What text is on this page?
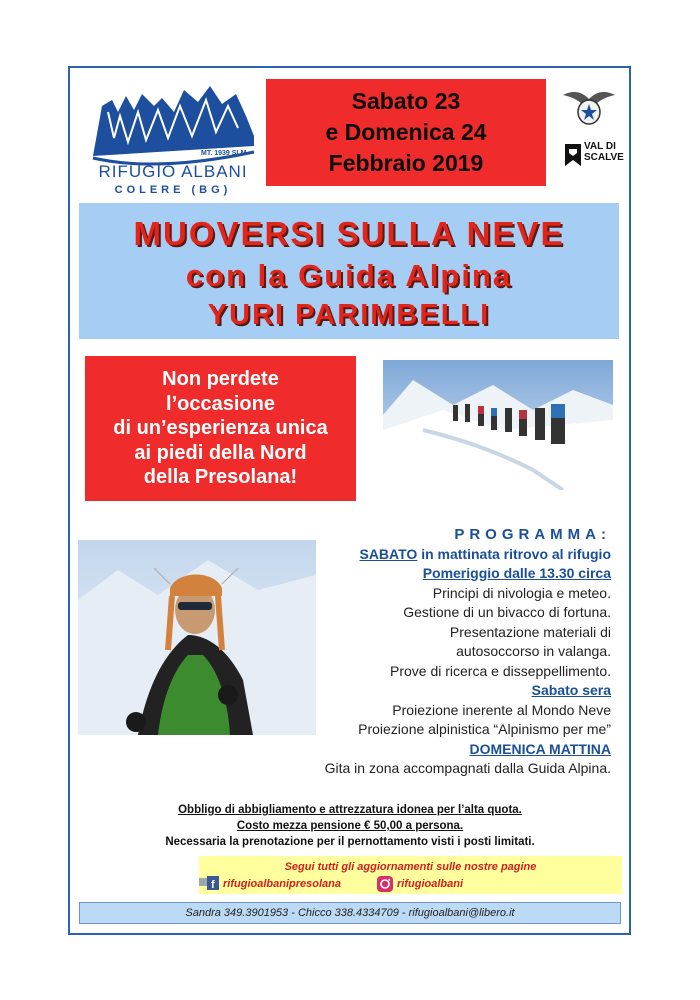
MT. 1939 SLM
RIFUGIO ALBANI
COLERE (BG)
Sabato 23
e Domenica 24
Febbraio 2019
VAL DI
SCALVE
MUOVERSI SULLA NEVE
con la Guida Alpina
YURI PARIMBELLI
Non perdete
l’occasione
di un’esperienza unica
ai piedi della Nord
della Presolana!
PROGRAMMA:
SABATO in mattinata ritrovo al rifugio
Pomeriggio dalle 13.30 circa
Principi di nivologia e meteo.
Gestione di un bivacco di fortuna.
Presentazione materiali di
autosoccorso in valanga.
Prove di ricerca e disseppellimento.
Sabato sera
Proiezione inerente al Mondo Neve
Proiezione alpinistica “Alpinismo per me”
DOMENICA MATTINA
Gita in zona accompagnati dalla Guida Alpina.
Obbligo di abbigliamento e attrezzatura idonea per l’alta quota.
Costo mezza pensione € 50,00 a persona.
Necessaria la prenotazione per il pernottamento visti i posti limitati.
Segui tutti gli aggiornamenti sulle nostre pagine
f rifugioalbanipresolana	rifugioalbani
Sandra 349.3901953 - Chicco 338.4334709 - rifugioalbani@libero.it
